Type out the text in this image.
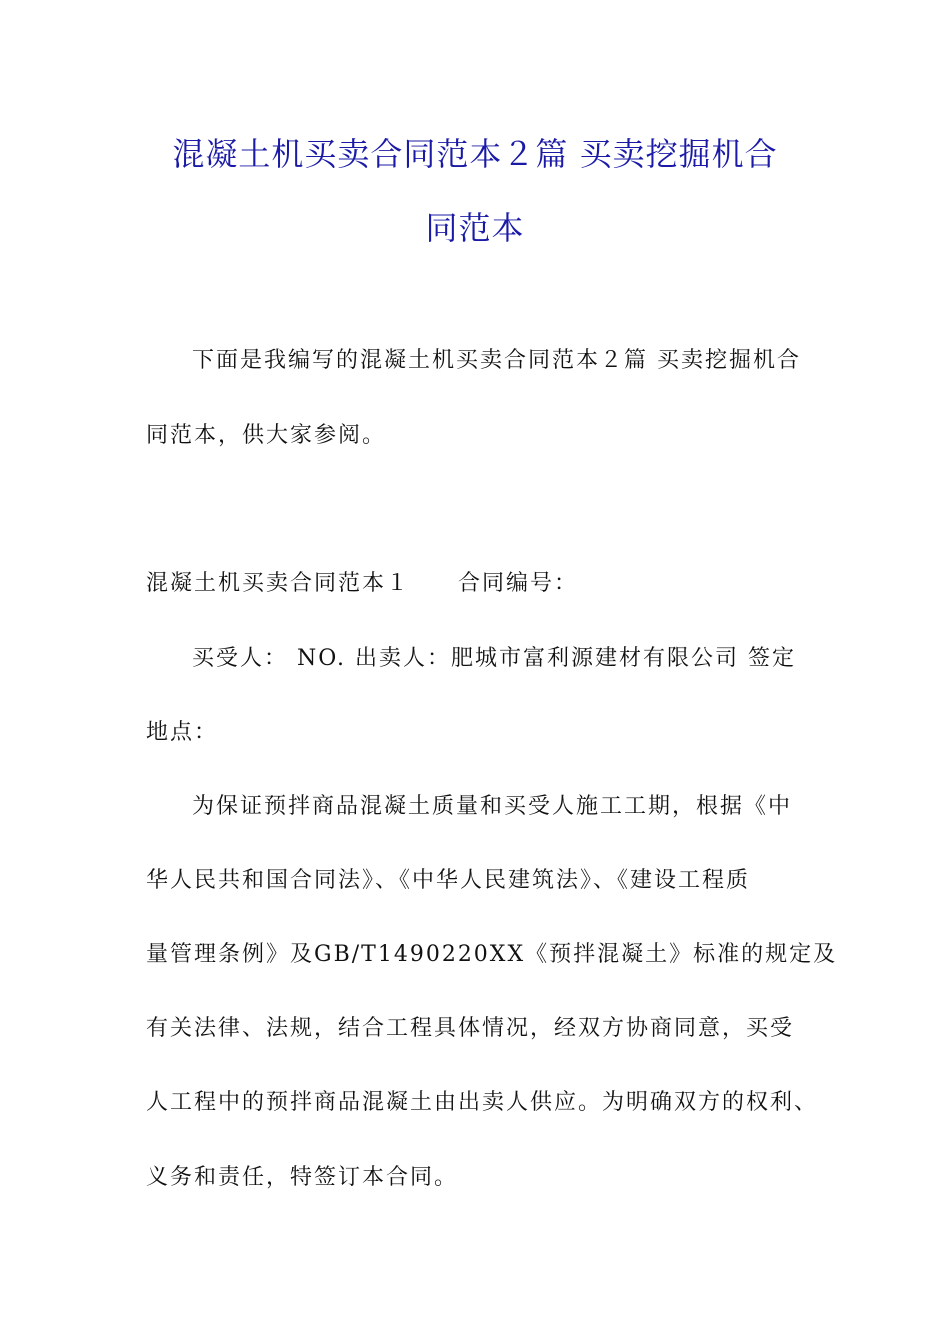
混凝土机买卖合同范本２篇 买卖挖掘机合
同范本
下面是我编写的混凝土机买卖合同范本２篇 买卖挖掘机合
同范本，供大家参阅。
混凝土机买卖合同范本１ 合同编号：
买受人： NO. 出卖人：肥城市富利源建材有限公司 签定
地点：
为保证预拌商品混凝土质量和买受人施工工期，根据《中
华人民共和国合同法》、《中华人民建筑法》、《建设工程质
量管理条例》及GB/T1490220XX《预拌混凝土》标准的规定及
有关法律、法规，结合工程具体情况，经双方协商同意，买受
人工程中的预拌商品混凝土由出卖人供应。为明确双方的权利、
义务和责任，特签订本合同。
